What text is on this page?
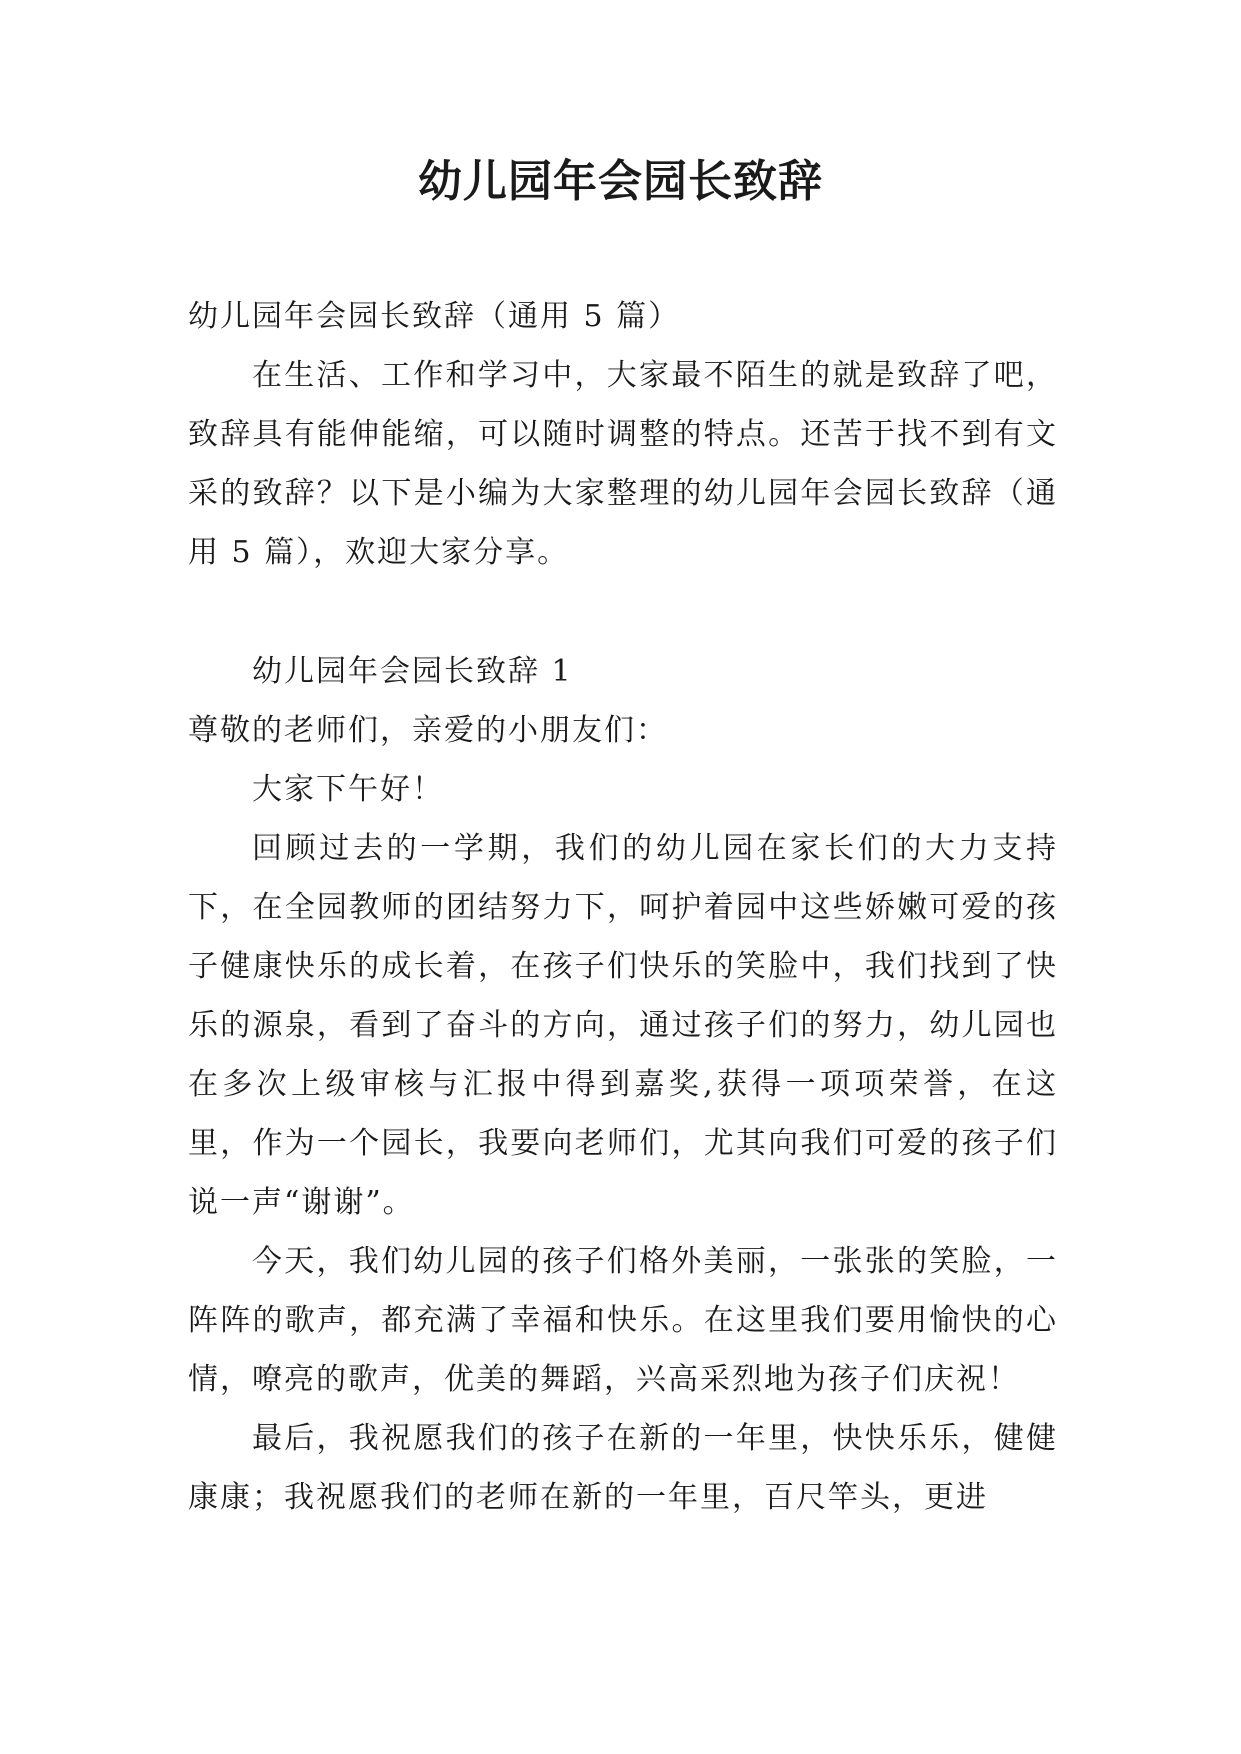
幼儿园年会园长致辞

幼儿园年会园长致辞（通用 5 篇）

在生活、工作和学习中，大家最不陌生的就是致辞了吧，致辞具有能伸能缩，可以随时调整的特点。还苦于找不到有文采的致辞？以下是小编为大家整理的幼儿园年会园长致辞（通用 5 篇），欢迎大家分享。

幼儿园年会园长致辞 1

尊敬的老师们，亲爱的小朋友们：

大家下午好！

回顾过去的一学期，我们的幼儿园在家长们的大力支持下，在全园教师的团结努力下，呵护着园中这些娇嫩可爱的孩子健康快乐的成长着，在孩子们快乐的笑脸中，我们找到了快乐的源泉，看到了奋斗的方向，通过孩子们的努力，幼儿园也在多次上级审核与汇报中得到嘉奖,获得一项项荣誉，在这里，作为一个园长，我要向老师们，尤其向我们可爱的孩子们说一声“谢谢”。

今天，我们幼儿园的孩子们格外美丽，一张张的笑脸，一阵阵的歌声，都充满了幸福和快乐。在这里我们要用愉快的心情，嘹亮的歌声，优美的舞蹈，兴高采烈地为孩子们庆祝！

最后，我祝愿我们的孩子在新的一年里，快快乐乐，健健康康；我祝愿我们的老师在新的一年里，百尺竿头，更进
